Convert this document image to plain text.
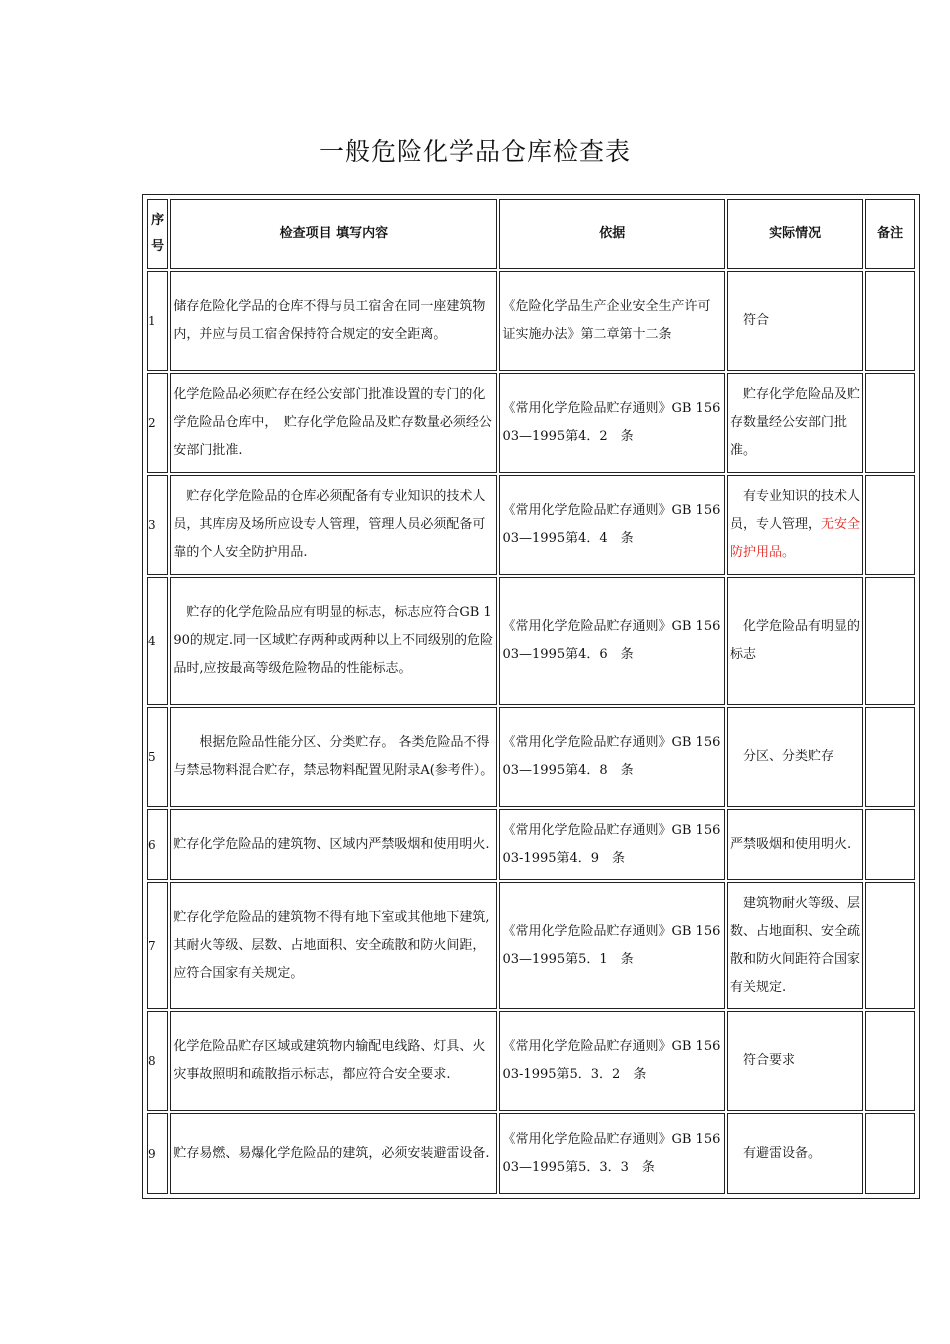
一般危险化学品仓库检查表
序号	检查项目 填写内容	依据	实际情况	备注
1	储存危险化学品的仓库不得与员工宿舍在同一座建筑物内，并应与员工宿舍保持符合规定的安全距离。	《危险化学品生产企业安全生产许可证实施办法》第二章第十二条	　符合	
2	化学危险品必须贮存在经公安部门批准设置的专门的化学危险品仓库中，　贮存化学危险品及贮存数量必须经公安部门批准.	《常用化学危险品贮存通则》GB 15603—1995第4．2　条	　贮存化学危险品及贮存数量经公安部门批准。	
3	　贮存化学危险品的仓库必须配备有专业知识的技术人员，其库房及场所应设专人管理，管理人员必须配备可靠的个人安全防护用品.	《常用化学危险品贮存通则》GB 15603—1995第4．4　条	　有专业知识的技术人员，专人管理，无安全防护用品。	
4	　贮存的化学危险品应有明显的标志，标志应符合GB 190的规定.同一区域贮存两种或两种以上不同级别的危险品时,应按最高等级危险物品的性能标志。	《常用化学危险品贮存通则》GB 15603—1995第4．6　条	　化学危险品有明显的标志	
5	　　根据危险品性能分区、分类贮存。 各类危险品不得与禁忌物料混合贮存，禁忌物料配置见附录A(参考件）。	《常用化学危险品贮存通则》GB 15603—1995第4．8　条	　分区、分类贮存	
6	贮存化学危险品的建筑物、区域内严禁吸烟和使用明火.	《常用化学危险品贮存通则》GB 15603-1995第4．9　条	严禁吸烟和使用明火.	
7	贮存化学危险品的建筑物不得有地下室或其他地下建筑,其耐火等级、层数、占地面积、安全疏散和防火间距，应符合国家有关规定。	《常用化学危险品贮存通则》GB 15603—1995第5．1　条	　建筑物耐火等级、层数、占地面积、安全疏散和防火间距符合国家有关规定.	
8	化学危险品贮存区域或建筑物内输配电线路、灯具、火灾事故照明和疏散指示标志，都应符合安全要求.	《常用化学危险品贮存通则》GB 15603-1995第5．3．2　条	　符合要求	
9	贮存易燃、易爆化学危险品的建筑，必须安装避雷设备.	《常用化学危险品贮存通则》GB 15603—1995第5．3．3　条	　有避雷设备。	
